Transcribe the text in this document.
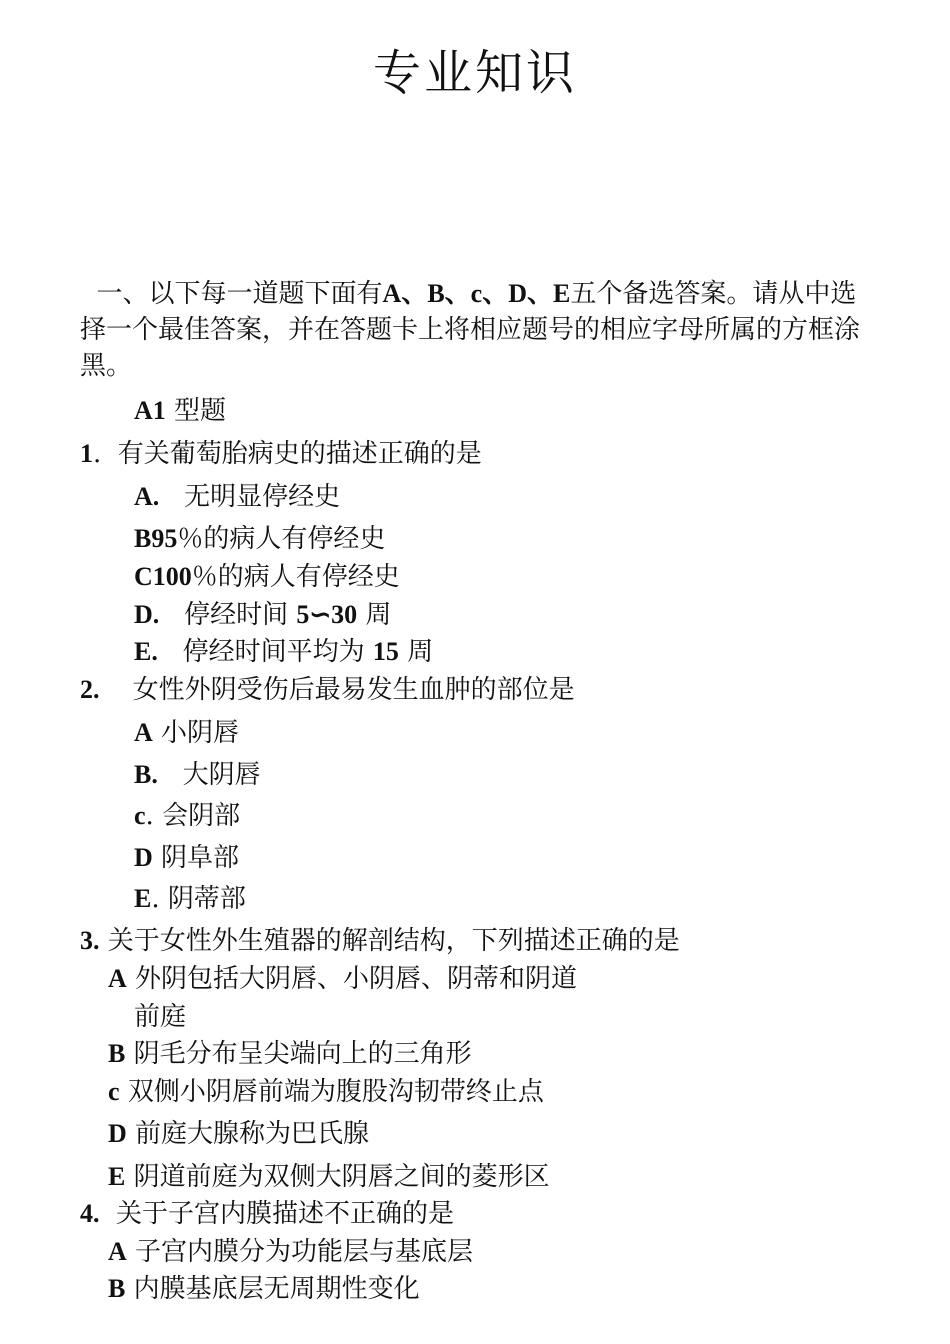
专业知识
一、以下每一道题下面有A、B、c、D、E五个备选答案。请从中选择一个最佳答案，并在答题卡上将相应题号的相应字母所属的方框涂黑。
A1 型题
1. 有关葡萄胎病史的描述正确的是
A. 无明显停经史
B95％的病人有停经史
C100％的病人有停经史
D. 停经时间 5∽30 周
E. 停经时间平均为 15 周
2. 女性外阴受伤后最易发生血肿的部位是
A 小阴唇
B. 大阴唇
c. 会阴部
D 阴阜部
E. 阴蒂部
3. 关于女性外生殖器的解剖结构，下列描述正确的是
A 外阴包括大阴唇、小阴唇、阴蒂和阴道
前庭
B 阴毛分布呈尖端向上的三角形
c 双侧小阴唇前端为腹股沟韧带终止点
D 前庭大腺称为巴氏腺
E 阴道前庭为双侧大阴唇之间的菱形区
4. 关于子宫内膜描述不正确的是
A 子宫内膜分为功能层与基底层
B 内膜基底层无周期性变化
